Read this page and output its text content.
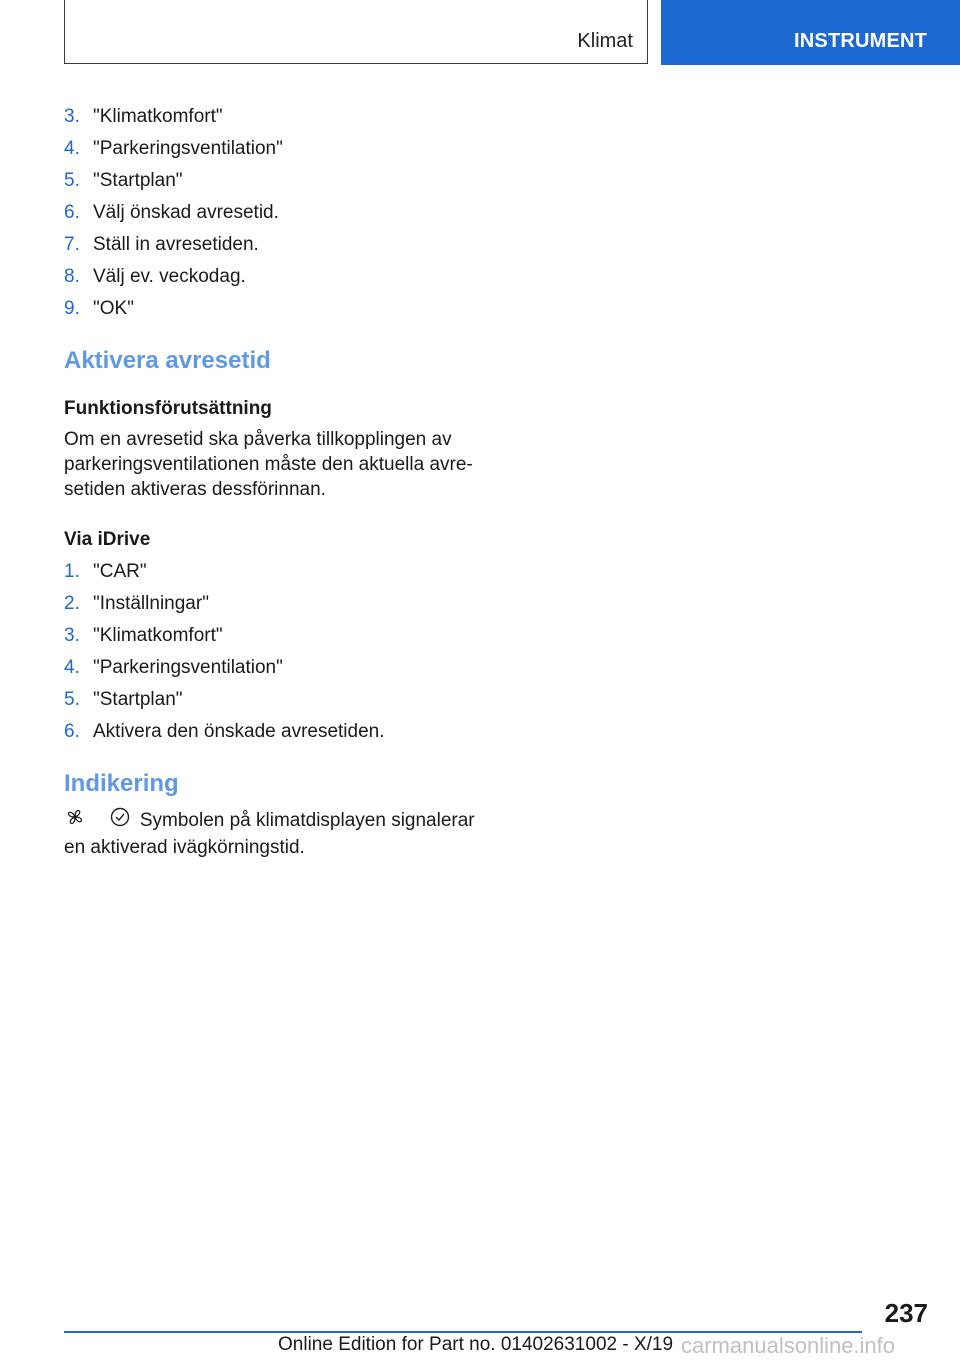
Klimat	INSTRUMENT
3. "Klimatkomfort"
4. "Parkeringsventilation"
5. "Startplan"
6. Välj önskad avresetid.
7. Ställ in avresetiden.
8. Välj ev. veckodag.
9. "OK"
Aktivera avresetid
Funktionsförutsättning

Om en avresetid ska påverka tillkopplingen av
parkeringsventilationen måste den aktuella avre-
setiden aktiveras dessförinnan.

Via iDrive
1. "CAR"
2. "Inställningar"
3. "Klimatkomfort"
4. "Parkeringsventilation"
5. "Startplan"
6. Aktivera den önskade avresetiden.
Indikering

Symbolen på klimatdisplayen signalerar
en aktiverad ivägkörningstid.

237
Online Edition for Part no. 01402631002 - X/19 carmanualsonline.info
